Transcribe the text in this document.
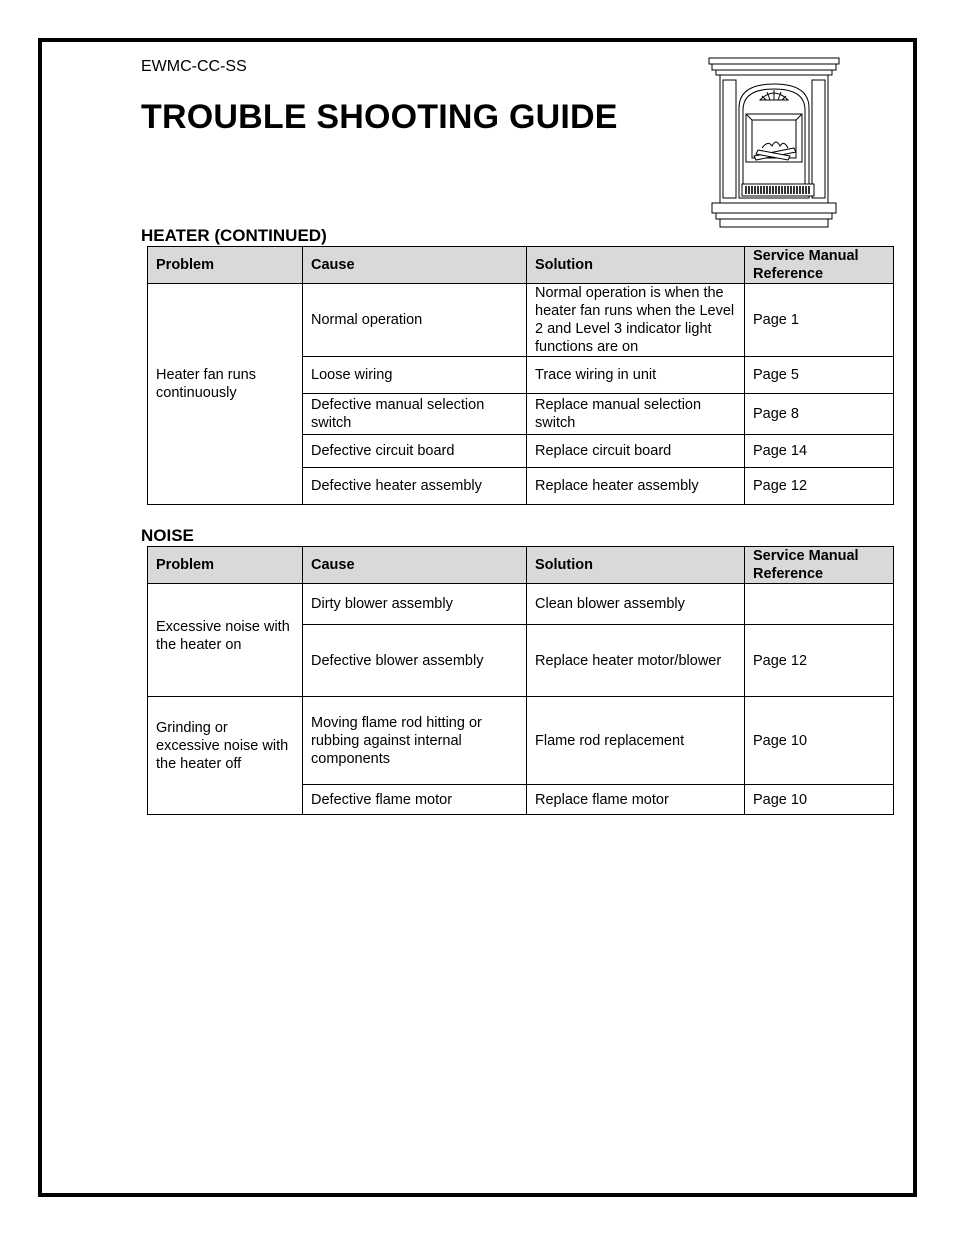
EWMC-CC-SS
TROUBLE SHOOTING GUIDE
HEATER (CONTINUED)
Problem	Cause	Solution	Service Manual Reference
Heater fan runs continuously	Normal operation	Normal operation is when the heater fan runs when the Level 2 and Level 3 indicator light functions are on	Page 1
	Loose wiring	Trace wiring in unit	Page 5
	Defective manual selection switch	Replace manual selection switch	Page 8
	Defective circuit board	Replace circuit board	Page 14
	Defective heater assembly	Replace heater assembly	Page 12
NOISE
Problem	Cause	Solution	Service Manual Reference
Excessive noise with the heater on	Dirty blower assembly	Clean blower assembly	
	Defective blower assembly	Replace heater motor/blower	Page 12
Grinding or excessive noise with the heater off	Moving flame rod hitting or rubbing against internal components	Flame rod replacement	Page 10
	Defective flame motor	Replace flame motor	Page 10
